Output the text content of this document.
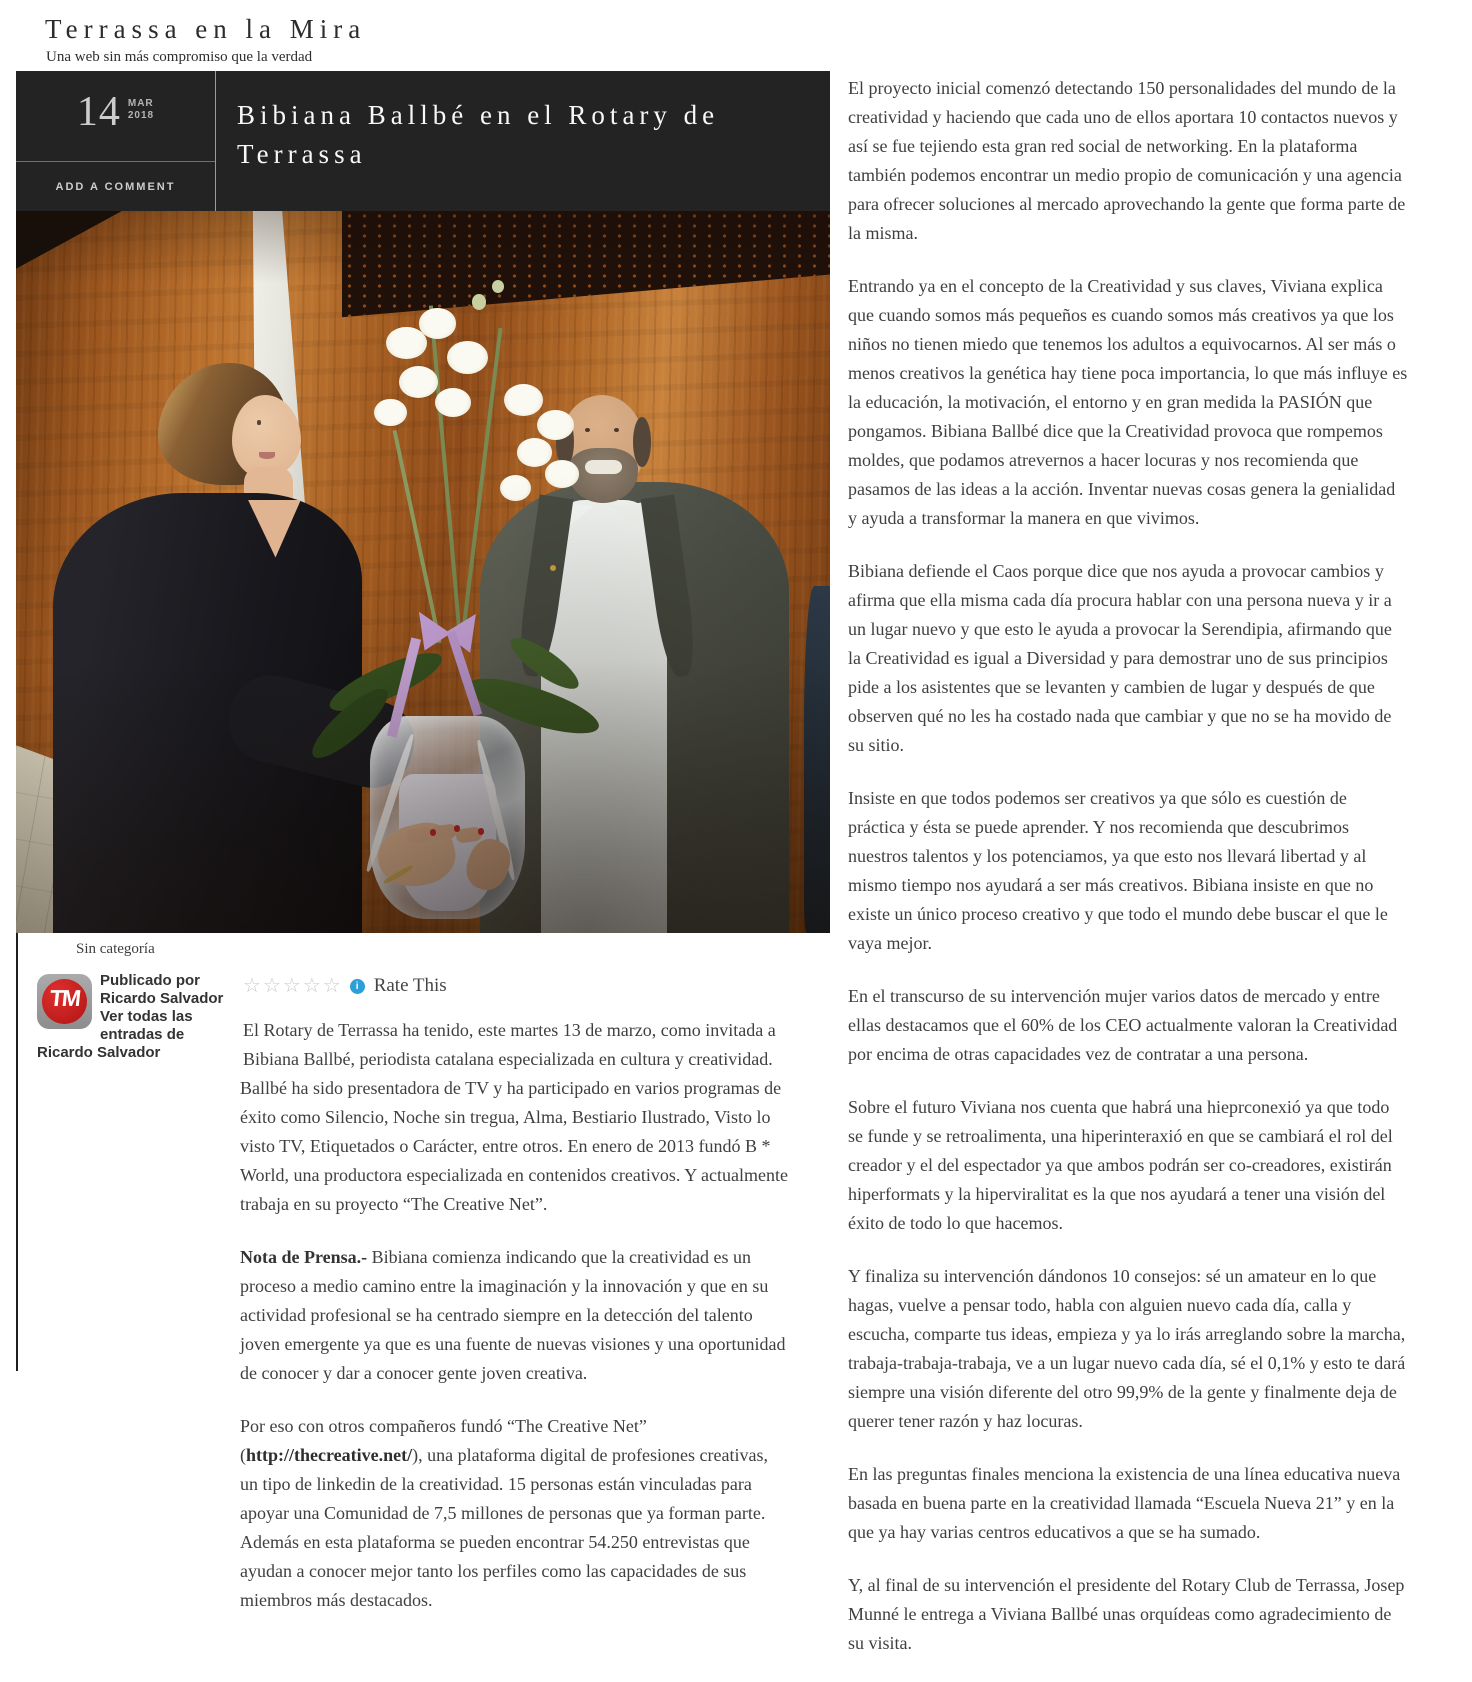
Terrassa en la Mira

Una web sin más compromiso que la verdad

14 MAR
2018
ADD A COMMENT
Bibiana Ballbé en el Rotary de Terrassa
Sin categoría
TM
Publicado por Ricardo Salvador Ver todas las entradas de Ricardo Salvador
☆ ☆ ☆ ☆ ☆	i Rate This

El Rotary de Terrassa ha tenido, este martes 13 de marzo, como invitada a Bibiana Ballbé, periodista catalana especializada en cultura y creatividad. Ballbé ha sido presentadora de TV y ha participado en varios programas de éxito como Silencio, Noche sin tregua, Alma, Bestiario Ilustrado, Visto lo visto TV, Etiquetados o Carácter, entre otros. En enero de 2013 fundó B * World, una productora especializada en contenidos creativos. Y actualmente trabaja en su proyecto “The Creative Net”.

Nota de Prensa.- Bibiana comienza indicando que la creatividad es un proceso a medio camino entre la imaginación y la innovación y que en su actividad profesional se ha centrado siempre en la detección del talento joven emergente ya que es una fuente de nuevas visiones y una oportunidad de conocer y dar a conocer gente joven creativa.

Por eso con otros compañeros fundó “The Creative Net” (http://thecreative.net/), una plataforma digital de profesiones creativas, un tipo de linkedin de la creatividad. 15 personas están vinculadas para apoyar una Comunidad de 7,5 millones de personas que ya forman parte. Además en esta plataforma se pueden encontrar 54.250 entrevistas que ayudan a conocer mejor tanto los perfiles como las capacidades de sus miembros más destacados.

El proyecto inicial comenzó detectando 150 personalidades del mundo de la creatividad y haciendo que cada uno de ellos aportara 10 contactos nuevos y así se fue tejiendo esta gran red social de networking. En la plataforma también podemos encontrar un medio propio de comunicación y una agencia para ofrecer soluciones al mercado aprovechando la gente que forma parte de la misma.

Entrando ya en el concepto de la Creatividad y sus claves, Viviana explica que cuando somos más pequeños es cuando somos más creativos ya que los niños no tienen miedo que tenemos los adultos a equivocarnos. Al ser más o menos creativos la genética hay tiene poca importancia, lo que más influye es la educación, la motivación, el entorno y en gran medida la PASIÓN que pongamos. Bibiana Ballbé dice que la Creatividad provoca que rompemos moldes, que podamos atrevernos a hacer locuras y nos recomienda que pasamos de las ideas a la acción. Inventar nuevas cosas genera la genialidad y ayuda a transformar la manera en que vivimos.

Bibiana defiende el Caos porque dice que nos ayuda a provocar cambios y afirma que ella misma cada día procura hablar con una persona nueva y ir a un lugar nuevo y que esto le ayuda a provocar la Serendipia, afirmando que la Creatividad es igual a Diversidad y para demostrar uno de sus principios pide a los asistentes que se levanten y cambien de lugar y después de que observen qué no les ha costado nada que cambiar y que no se ha movido de su sitio.

Insiste en que todos podemos ser creativos ya que sólo es cuestión de práctica y ésta se puede aprender. Y nos recomienda que descubrimos nuestros talentos y los potenciamos, ya que esto nos llevará libertad y al mismo tiempo nos ayudará a ser más creativos. Bibiana insiste en que no existe un único proceso creativo y que todo el mundo debe buscar el que le vaya mejor.

En el transcurso de su intervención mujer varios datos de mercado y entre ellas destacamos que el 60% de los CEO actualmente valoran la Creatividad por encima de otras capacidades vez de contratar a una persona.

Sobre el futuro Viviana nos cuenta que habrá una hieprconexió ya que todo se funde y se retroalimenta, una hiperinteraxió en que se cambiará el rol del creador y el del espectador ya que ambos podrán ser co-creadores, existirán hiperformats y la hiperviralitat es la que nos ayudará a tener una visión del éxito de todo lo que hacemos.

Y finaliza su intervención dándonos 10 consejos: sé un amateur en lo que hagas, vuelve a pensar todo, habla con alguien nuevo cada día, calla y escucha, comparte tus ideas, empieza y ya lo irás arreglando sobre la marcha, trabaja-trabaja-trabaja, ve a un lugar nuevo cada día, sé el 0,1% y esto te dará siempre una visión diferente del otro 99,9% de la gente y finalmente deja de querer tener razón y haz locuras.

En las preguntas finales menciona la existencia de una línea educativa nueva basada en buena parte en la creatividad llamada “Escuela Nueva 21” y en la que ya hay varias centros educativos a que se ha sumado.

Y, al final de su intervención el presidente del Rotary Club de Terrassa, Josep Munné le entrega a Viviana Ballbé unas orquídeas como agradecimiento de su visita.
